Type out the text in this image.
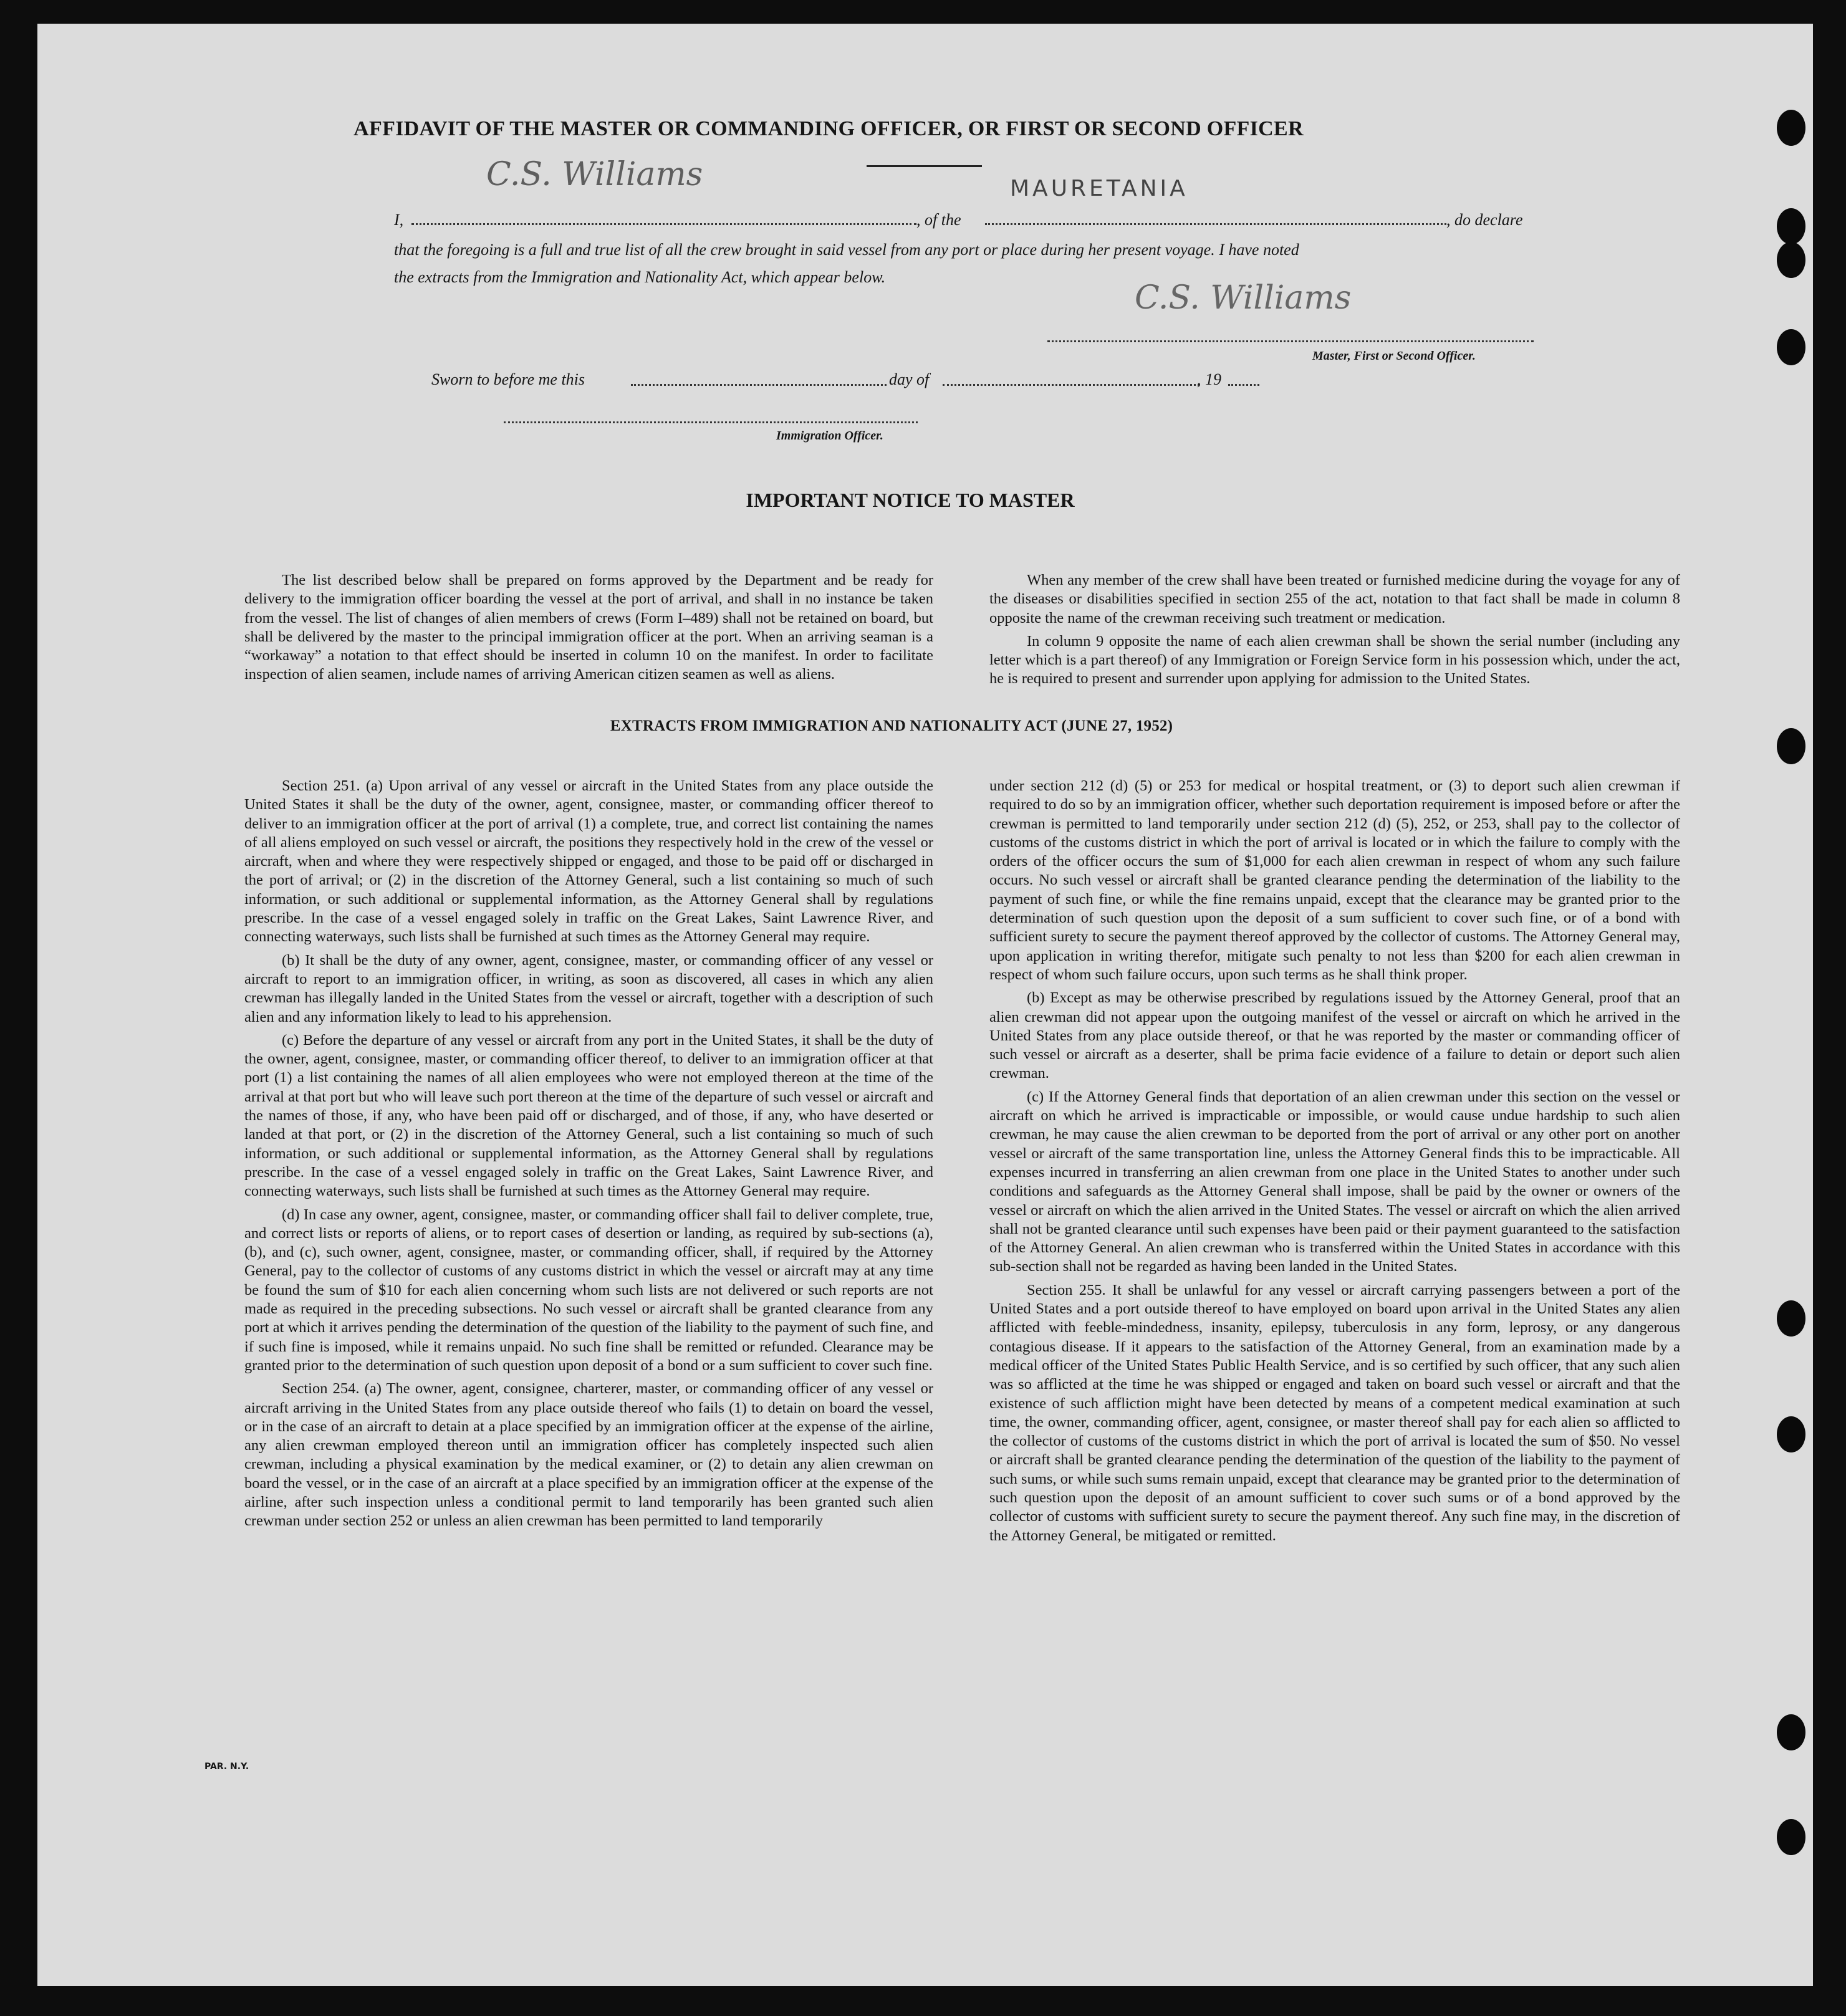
AFFIDAVIT OF THE MASTER OR COMMANDING OFFICER, OR FIRST OR SECOND OFFICER
C.S. Williams	MAURETANIA
I,	, of the	, do declare
that the foregoing is a full and true list of all the crew brought in said vessel from any port or place during her present voyage. I have noted
the extracts from the Immigration and Nationality Act, which appear below.
C.S. Williams
Master, First or Second Officer.
Sworn to before me this	day of	, 19
Immigration Officer.
IMPORTANT NOTICE TO MASTER

The list described below shall be prepared on forms approved by the Department and be ready for delivery to the immigration officer boarding the vessel at the port of arrival, and shall in no instance be taken from the vessel. The list of changes of alien members of crews (Form I–489) shall not be retained on board, but shall be delivered by the master to the principal immigration officer at the port. When an arriving seaman is a “workaway” a notation to that effect should be inserted in column 10 on the manifest. In order to facilitate inspection of alien seamen, include names of arriving American citizen seamen as well as aliens.

When any member of the crew shall have been treated or furnished medicine during the voyage for any of the diseases or disabilities specified in section 255 of the act, notation to that fact shall be made in column 8 opposite the name of the crewman receiving such treatment or medication.

In column 9 opposite the name of each alien crewman shall be shown the serial number (including any letter which is a part thereof) of any Immigration or Foreign Service form in his possession which, under the act, he is required to present and surrender upon applying for admission to the United States.

EXTRACTS FROM IMMIGRATION AND NATIONALITY ACT (JUNE 27, 1952)

Section 251. (a) Upon arrival of any vessel or aircraft in the United States from any place outside the United States it shall be the duty of the owner, agent, consignee, master, or commanding officer thereof to deliver to an immigration officer at the port of arrival (1) a complete, true, and correct list containing the names of all aliens employed on such vessel or aircraft, the positions they respectively hold in the crew of the vessel or aircraft, when and where they were respectively shipped or engaged, and those to be paid off or discharged in the port of arrival; or (2) in the discretion of the Attorney General, such a list containing so much of such information, or such additional or supplemental information, as the Attorney General shall by regulations prescribe. In the case of a vessel engaged solely in traffic on the Great Lakes, Saint Lawrence River, and connecting waterways, such lists shall be furnished at such times as the Attorney General may require.

(b) It shall be the duty of any owner, agent, consignee, master, or commanding officer of any vessel or aircraft to report to an immigration officer, in writing, as soon as discovered, all cases in which any alien crewman has illegally landed in the United States from the vessel or aircraft, together with a description of such alien and any information likely to lead to his apprehension.

(c) Before the departure of any vessel or aircraft from any port in the United States, it shall be the duty of the owner, agent, consignee, master, or commanding officer thereof, to deliver to an immigration officer at that port (1) a list containing the names of all alien employees who were not employed thereon at the time of the arrival at that port but who will leave such port thereon at the time of the departure of such vessel or aircraft and the names of those, if any, who have been paid off or discharged, and of those, if any, who have deserted or landed at that port, or (2) in the discretion of the Attorney General, such a list containing so much of such information, or such additional or supplemental information, as the Attorney General shall by regulations prescribe. In the case of a vessel engaged solely in traffic on the Great Lakes, Saint Lawrence River, and connecting waterways, such lists shall be furnished at such times as the Attorney General may require.

(d) In case any owner, agent, consignee, master, or commanding officer shall fail to deliver complete, true, and correct lists or reports of aliens, or to report cases of desertion or landing, as required by sub-sections (a), (b), and (c), such owner, agent, consignee, master, or commanding officer, shall, if required by the Attorney General, pay to the collector of customs of any customs district in which the vessel or aircraft may at any time be found the sum of $10 for each alien concerning whom such lists are not delivered or such reports are not made as required in the preceding subsections. No such vessel or aircraft shall be granted clearance from any port at which it arrives pending the determination of the question of the liability to the payment of such fine, and if such fine is imposed, while it remains unpaid. No such fine shall be remitted or refunded. Clearance may be granted prior to the determination of such question upon deposit of a bond or a sum sufficient to cover such fine.

Section 254. (a) The owner, agent, consignee, charterer, master, or commanding officer of any vessel or aircraft arriving in the United States from any place outside thereof who fails (1) to detain on board the vessel, or in the case of an aircraft to detain at a place specified by an immigration officer at the expense of the airline, any alien crewman employed thereon until an immigration officer has completely inspected such alien crewman, including a physical examination by the medical examiner, or (2) to detain any alien crewman on board the vessel, or in the case of an aircraft at a place specified by an immigration officer at the expense of the airline, after such inspection unless a conditional permit to land temporarily has been granted such alien crewman under section 252 or unless an alien crewman has been permitted to land temporarily

under section 212 (d) (5) or 253 for medical or hospital treatment, or (3) to deport such alien crewman if required to do so by an immigration officer, whether such deportation requirement is imposed before or after the crewman is permitted to land temporarily under section 212 (d) (5), 252, or 253, shall pay to the collector of customs of the customs district in which the port of arrival is located or in which the failure to comply with the orders of the officer occurs the sum of $1,000 for each alien crewman in respect of whom any such failure occurs. No such vessel or aircraft shall be granted clearance pending the determination of the liability to the payment of such fine, or while the fine remains unpaid, except that the clearance may be granted prior to the determination of such question upon the deposit of a sum sufficient to cover such fine, or of a bond with sufficient surety to secure the payment thereof approved by the collector of customs. The Attorney General may, upon application in writing therefor, mitigate such penalty to not less than $200 for each alien crewman in respect of whom such failure occurs, upon such terms as he shall think proper.

(b) Except as may be otherwise prescribed by regulations issued by the Attorney General, proof that an alien crewman did not appear upon the outgoing manifest of the vessel or aircraft on which he arrived in the United States from any place outside thereof, or that he was reported by the master or commanding officer of such vessel or aircraft as a deserter, shall be prima facie evidence of a failure to detain or deport such alien crewman.

(c) If the Attorney General finds that deportation of an alien crewman under this section on the vessel or aircraft on which he arrived is impracticable or impossible, or would cause undue hardship to such alien crewman, he may cause the alien crewman to be deported from the port of arrival or any other port on another vessel or aircraft of the same transportation line, unless the Attorney General finds this to be impracticable. All expenses incurred in transferring an alien crewman from one place in the United States to another under such conditions and safeguards as the Attorney General shall impose, shall be paid by the owner or owners of the vessel or aircraft on which the alien arrived in the United States. The vessel or aircraft on which the alien arrived shall not be granted clearance until such expenses have been paid or their payment guaranteed to the satisfaction of the Attorney General. An alien crewman who is transferred within the United States in accordance with this sub-section shall not be regarded as having been landed in the United States.

Section 255. It shall be unlawful for any vessel or aircraft carrying passengers between a port of the United States and a port outside thereof to have employed on board upon arrival in the United States any alien afflicted with feeble-mindedness, insanity, epilepsy, tuberculosis in any form, leprosy, or any dangerous contagious disease. If it appears to the satisfaction of the Attorney General, from an examination made by a medical officer of the United States Public Health Service, and is so certified by such officer, that any such alien was so afflicted at the time he was shipped or engaged and taken on board such vessel or aircraft and that the existence of such affliction might have been detected by means of a competent medical examination at such time, the owner, commanding officer, agent, consignee, or master thereof shall pay for each alien so afflicted to the collector of customs of the customs district in which the port of arrival is located the sum of $50. No vessel or aircraft shall be granted clearance pending the determination of the question of the liability to the payment of such sums, or while such sums remain unpaid, except that clearance may be granted prior to the determination of such question upon the deposit of an amount sufficient to cover such sums or of a bond approved by the collector of customs with sufficient surety to secure the payment thereof. Any such fine may, in the discretion of the Attorney General, be mitigated or remitted.

PAR. N.Y.
